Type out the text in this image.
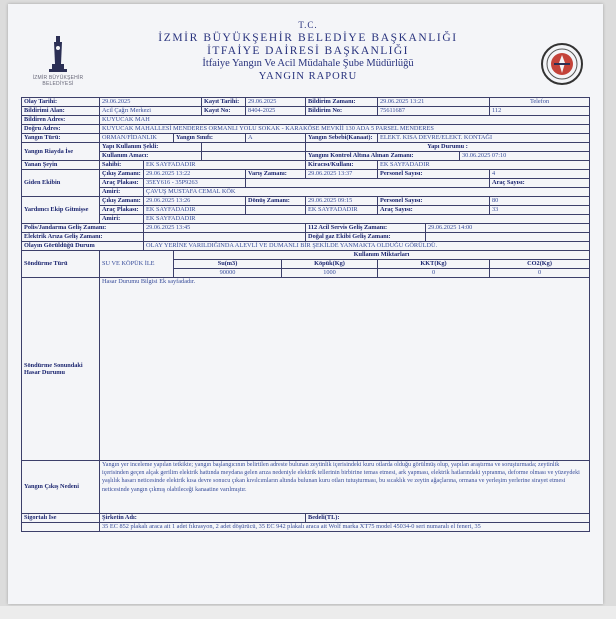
İZMİR BÜYÜKŞEHİR BELEDİYESİ
T.C.
İZMİR BÜYÜKŞEHİR BELEDİYE BAŞKANLIĞI
İTFAİYE DAİRESİ BAŞKANLIĞI
İtfaiye Yangın Ve Acil Müdahale Şube Müdürlüğü
YANGIN RAPORU
Olay Tarihi:	29.06.2025			Kayıt Tarihi:	29.06.2025		Bildirim Zamanı:	29.06.2025 13:21			Telefon	
Bildirimi Alan:	Acil Çağrı Merkezi			Kayıt No:	8404-2025		Bildirim No:	75611687			112	
Bildiren Adres:	KUYUCAK MAH											
Doğru Adres:	KUYUCAK MAHALLESİ MENDERES ORMANLI YOLU SOKAK - KARAKÖSE MEVKİİ 130 ADA 5 PARSEL MENDERES											
Yangın Türü:	ORMAN/FİDANLIK		Yangın Sınıfı:		A		Yangın Sebebi(Kanaat):	ELEKT. KISA DEVRE/ELEKT. KONTAĞI				
Yangın Riayda İse	Yapı Kullanım Şekli:						Yapı Durumu :					
	Kullanım Amacı:						Yangını Kontrol Altına Alınan Zamanı:			30.06.2025 07:10		
Yanan Şeyin	Sahibi:	EK SAYFADADIR					Kiracısı/Kullanı:	EK SAYFADADIR				
Giden Ekibin	Çıkış Zamanı:	29.06.2025 13:22			Varış Zamanı:		29.06.2025 13:37	Personel Sayısı:			4	
	Araç Plakası:	35EY616 - 35P9263									Araç Sayısı:	
	Amiri:	ÇAVUŞ MUSTAFA CEMAL KÖK										
Yardımcı Ekip Gitmişse	Çıkış Zamanı:	29.06.2025 13:26			Dönüş Zamanı:		29.06.2025 09:15	Personel Sayısı:			80	
	Araç Plakası:	EK SAYFADADIR					EK SAYFADADIR	Araç Sayısı:			33	
	Amiri:	EK SAYFADADIR										
Polis/Jandarma Geliş Zamanı:		29.06.2025 13:45					112 Acil Servis Geliş Zamanı:		29.06.2025 14:00			
Elektrik Arıza Geliş Zamanı:							Doğal gaz Ekibi Geliş Zamanı:					
Olayın Görüldüğü Durum		OLAY YERİNE VARILDIĞINDA ALEVLİ VE DUMANLI BİR ŞEKİLDE YANMAKTA OLDUĞU GÖRÜLDÜ.										
Söndürme Türü	SU VE KÖPÜK İLE		Kullanım Miktarları									
			Su(m3)			Köpük(Kg)		KKT(Kg)			CO2(Kg)	
			90000			1000		0			0	
Söndürme Sonundaki Hasar Durumu	Hasar Durumu Bilgisi Ek sayfadadır.											
Yangın Çıkış Nedeni	Yangın yer inceleme yapılan tetkikte; yangın başlangıcının belirtilen adreste bulunan zeytinlik içerisindeki kuru otlarda olduğu görülmüş olup, yapılan araştırma ve soruşturmada; zeytinlik içerisinden geçen alçak gerilim elektrik hattında meydana gelen arıza nedeniyle elektrik tellerinin birbirine temas etmesi, ark yapması, elektrik hatlarındaki yıpranma, deforme olması ve yüzeydeki yaşlılık hasarı neticesinde elektrik kısa devre sonucu çıkan kıvılcımların altında bulunan kuru otları tutuşturması, bu sıcaklık ve zeytin ağaçlarına, ormana ve yerleşim yerlerine sirayet etmesi neticesinde yangın çıkmış olabileceği kanaatine varılmıştır.											
Sigortalı İse	Şirketin Adı:						Bedeli(TL):					
	35 EC 852 plakalı araca ait 1 adet fıkrasyon, 2 adet döşürücü, 35 EC 942 plakalı araca ait Wolf marka XT75 model 45034-0 seri numaralı el feneri, 35											
